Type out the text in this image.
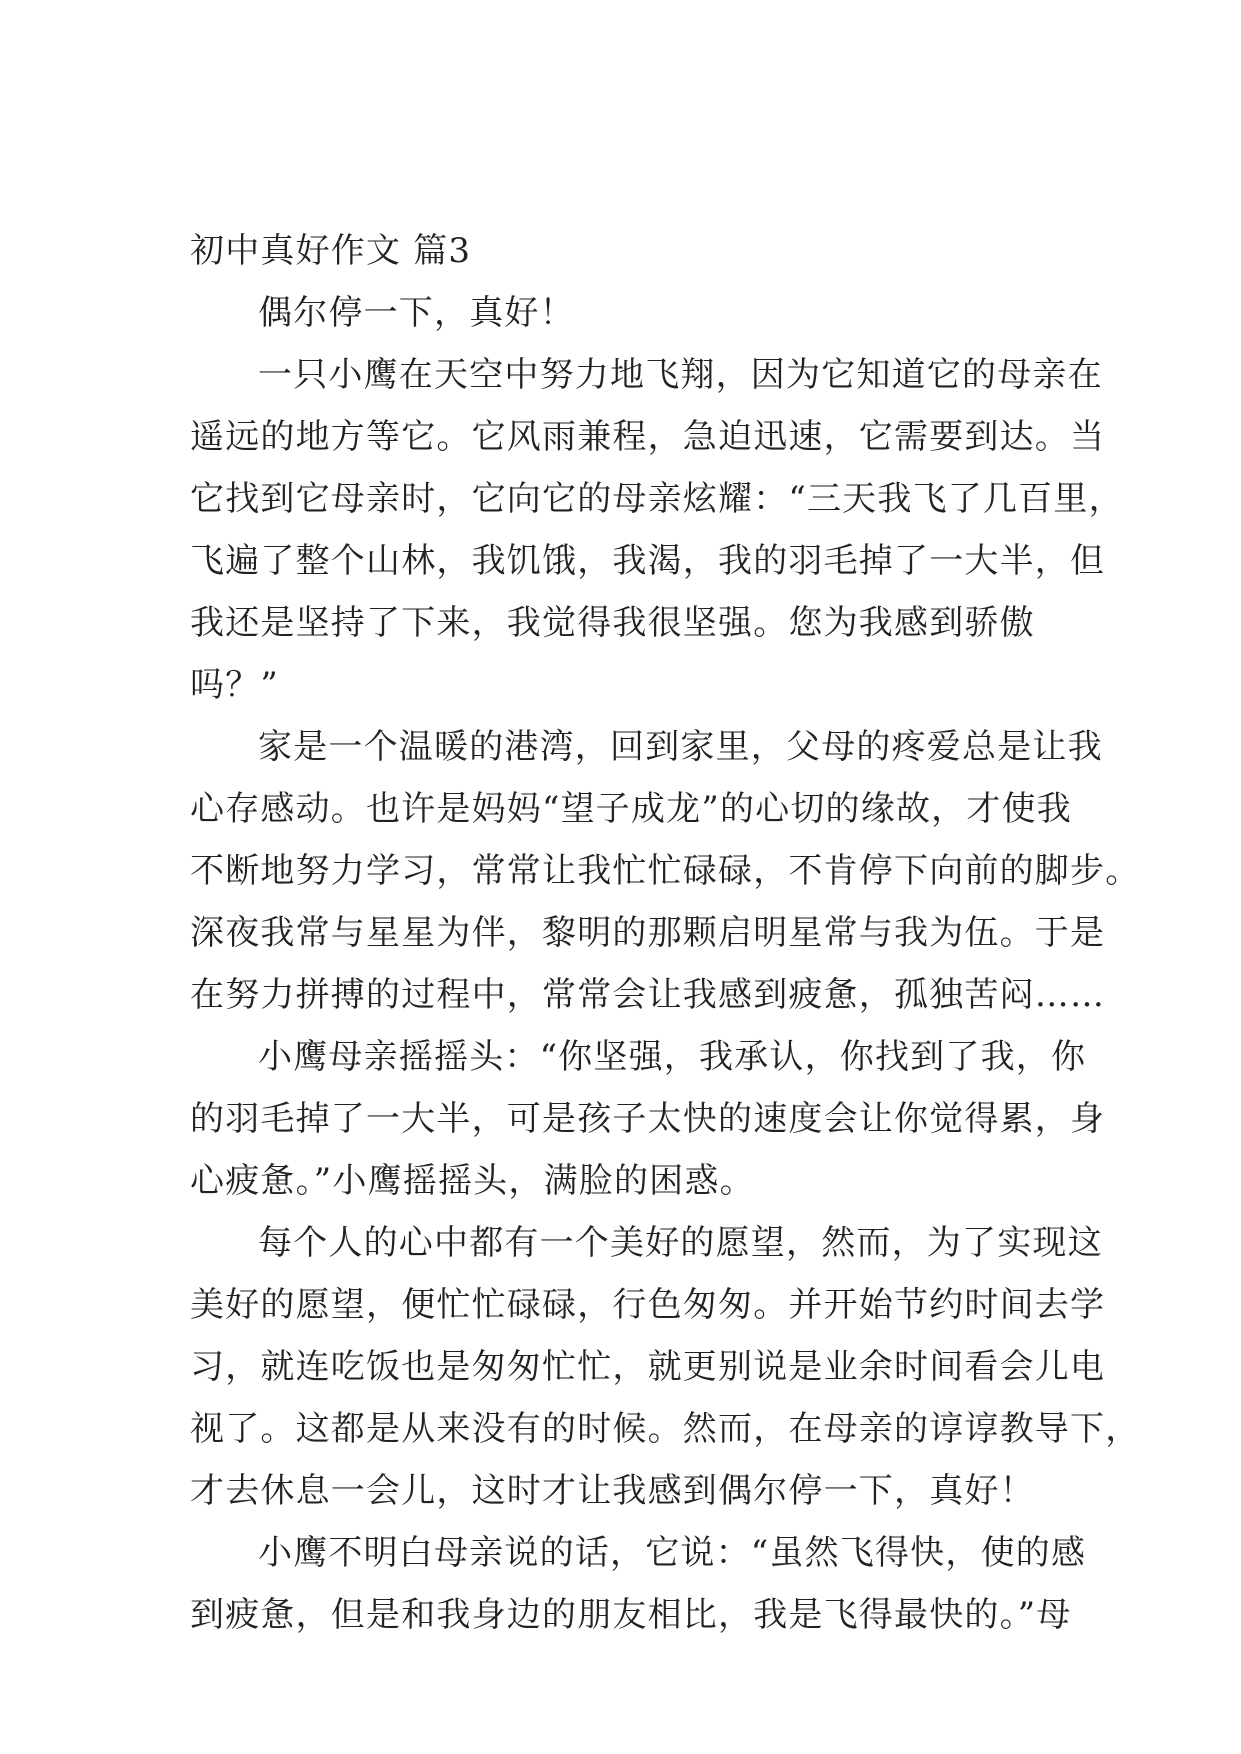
初中真好作文 篇3
偶尔停一下，真好！
一只小鹰在天空中努力地飞翔，因为它知道它的母亲在
遥远的地方等它。它风雨兼程，急迫迅速，它需要到达。当
它找到它母亲时，它向它的母亲炫耀：“三天我飞了几百里，
飞遍了整个山林，我饥饿，我渴，我的羽毛掉了一大半，但
我还是坚持了下来，我觉得我很坚强。您为我感到骄傲
吗？”
家是一个温暖的港湾，回到家里，父母的疼爱总是让我
心存感动。也许是妈妈“望子成龙”的心切的缘故，才使我
不断地努力学习，常常让我忙忙碌碌，不肯停下向前的脚步。
深夜我常与星星为伴，黎明的那颗启明星常与我为伍。于是
在努力拼搏的过程中，常常会让我感到疲惫，孤独苦闷……
小鹰母亲摇摇头：“你坚强，我承认，你找到了我，你
的羽毛掉了一大半，可是孩子太快的速度会让你觉得累，身
心疲惫。”小鹰摇摇头，满脸的困惑。
每个人的心中都有一个美好的愿望，然而，为了实现这
美好的愿望，便忙忙碌碌，行色匆匆。并开始节约时间去学
习，就连吃饭也是匆匆忙忙，就更别说是业余时间看会儿电
视了。这都是从来没有的时候。然而，在母亲的谆谆教导下，
才去休息一会儿，这时才让我感到偶尔停一下，真好！
小鹰不明白母亲说的话，它说：“虽然飞得快，使的感
到疲惫，但是和我身边的朋友相比，我是飞得最快的。”母
